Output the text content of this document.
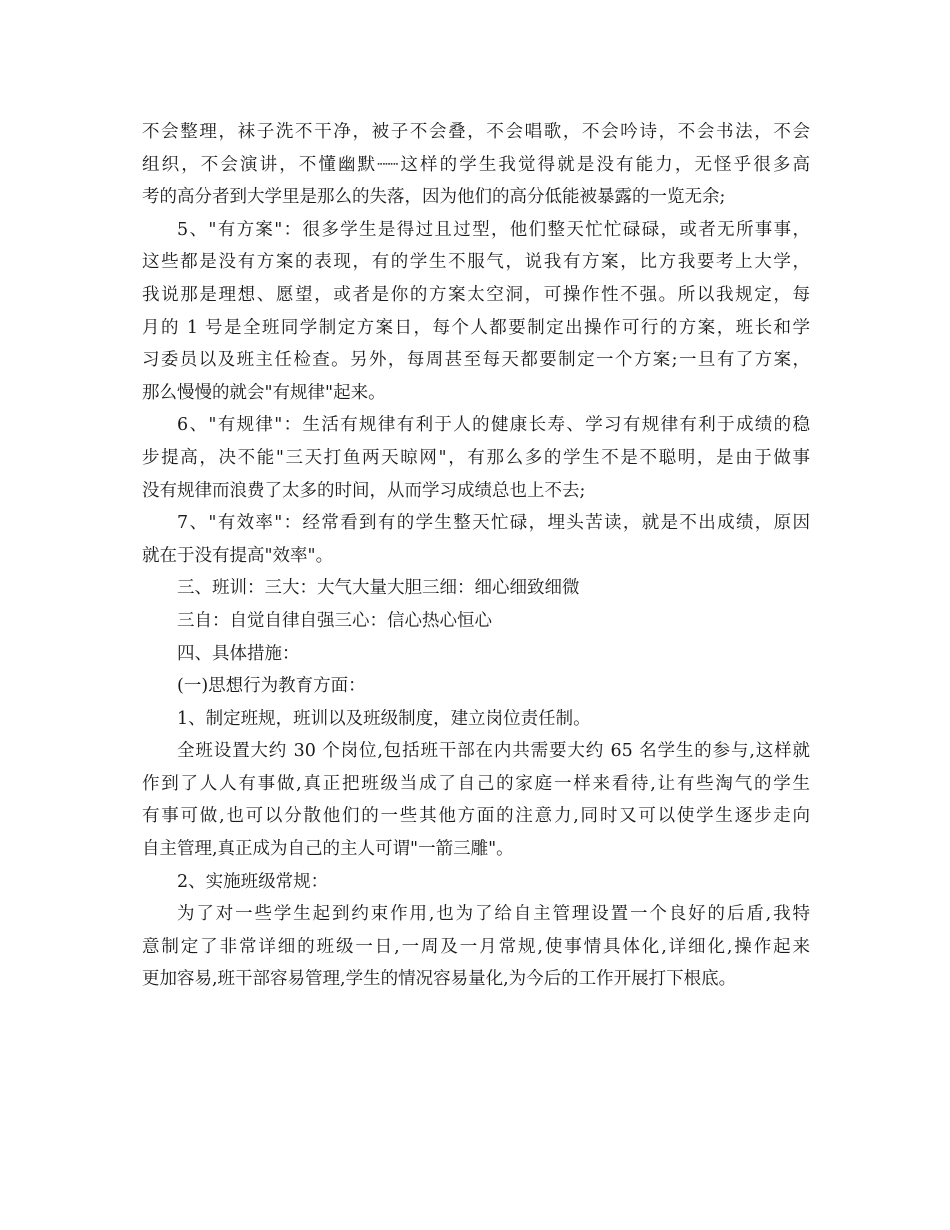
不会整理，袜子洗不干净，被子不会叠，不会唱歌，不会吟诗，不会书法，不会

组织，不会演讲，不懂幽默┈┈这样的学生我觉得就是没有能力，无怪乎很多高

考的高分者到大学里是那么的失落，因为他们的高分低能被暴露的一览无余;

5、"有方案"：很多学生是得过且过型，他们整天忙忙碌碌，或者无所事事，

这些都是没有方案的表现，有的学生不服气，说我有方案，比方我要考上大学，

我说那是理想、愿望，或者是你的方案太空洞，可操作性不强。所以我规定，每

月的 1 号是全班同学制定方案日，每个人都要制定出操作可行的方案，班长和学

习委员以及班主任检查。另外，每周甚至每天都要制定一个方案;一旦有了方案，

那么慢慢的就会"有规律"起来。

6、"有规律"：生活有规律有利于人的健康长寿、学习有规律有利于成绩的稳

步提高，决不能"三天打鱼两天晾网"，有那么多的学生不是不聪明，是由于做事

没有规律而浪费了太多的时间，从而学习成绩总也上不去;

7、"有效率"：经常看到有的学生整天忙碌，埋头苦读，就是不出成绩，原因

就在于没有提高"效率"。

三、班训：三大：大气大量大胆三细：细心细致细微

三自：自觉自律自强三心：信心热心恒心

四、具体措施：

(一)思想行为教育方面：

1、制定班规，班训以及班级制度，建立岗位责任制。

全班设置大约 30 个岗位,包括班干部在内共需要大约 65 名学生的参与,这样就

作到了人人有事做,真正把班级当成了自己的家庭一样来看待,让有些淘气的学生

有事可做,也可以分散他们的一些其他方面的注意力,同时又可以使学生逐步走向

自主管理,真正成为自己的主人可谓"一箭三雕"。

2、实施班级常规：

为了对一些学生起到约束作用,也为了给自主管理设置一个良好的后盾,我特

意制定了非常详细的班级一日,一周及一月常规,使事情具体化,详细化,操作起来

更加容易,班干部容易管理,学生的情况容易量化,为今后的工作开展打下根底。
